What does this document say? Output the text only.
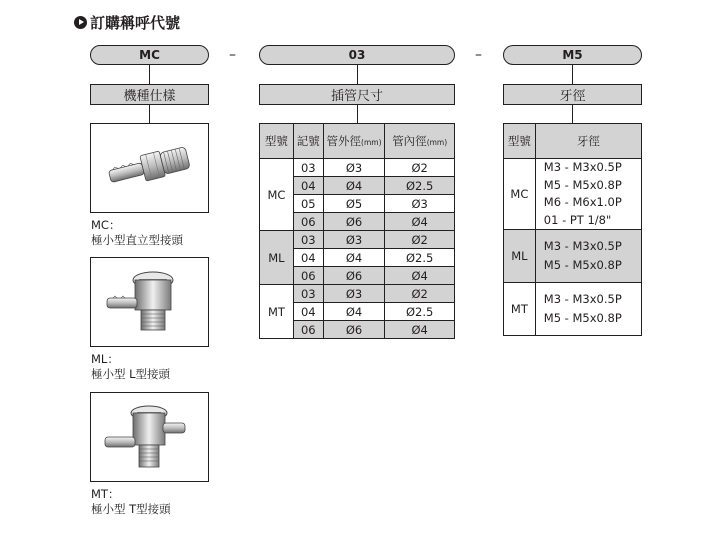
訂購稱呼代號
MC	–	03	–	M5
機種仕樣	插管尺寸	牙徑
MC：
極小型直立型接頭
ML：
極小型 L型接頭
MT：
極小型 T型接頭
型號	記號	管外徑(mm)	管內徑(mm)
MC	03	Ø3	Ø2
	04	Ø4	Ø2.5
	05	Ø5	Ø3
	06	Ø6	Ø4
ML	03	Ø3	Ø2
	04	Ø4	Ø2.5
	06	Ø6	Ø4
MT	03	Ø3	Ø2
	04	Ø4	Ø2.5
	06	Ø6	Ø4
型號	牙徑
MC	M3 - M3x0.5P
M5 - M5x0.8P
M6 - M6x1.0P
01 - PT 1/8"

ML	M3 - M3x0.5P
M5 - M5x0.8P

MT	M3 - M3x0.5P
M5 - M5x0.8P
